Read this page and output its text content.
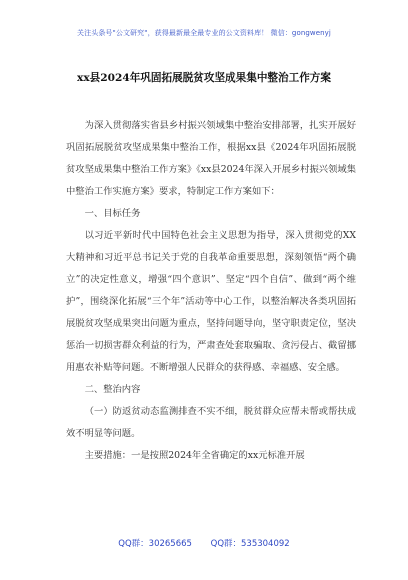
关注头条号"公文研究"，获得最新最全最专业的公文资料库！ 微信：gongwenyj
xx县2024年巩固拓展脱贫攻坚成果集中整治工作方案

为深入贯彻落实省县乡村振兴领域集中整治安排部署，扎实开展好巩固拓展脱贫攻坚成果集中整治工作，根据xx县《2024年巩固拓展脱贫攻坚成果集中整治工作方案》《xx县2024年深入开展乡村振兴领域集中整治工作实施方案》要求，特制定工作方案如下：

一、目标任务

以习近平新时代中国特色社会主义思想为指导，深入贯彻党的XX大精神和习近平总书记关于党的自我革命重要思想，深刻领悟“两个确立”的决定性意义，增强“四个意识”、坚定“四个自信”、做到“两个维护”，围绕深化拓展“三个年”活动等中心工作，以整治解决各类巩固拓展脱贫攻坚成果突出问题为重点，坚持问题导向，坚守职责定位，坚决惩治一切损害群众利益的行为，严肃查处套取骗取、贪污侵占、截留挪用惠农补贴等问题。不断增强人民群众的获得感、幸福感、安全感。

二、整治内容

（一）防返贫动态监测排查不实不细，脱贫群众应帮未帮或帮扶成效不明显等问题。

主要措施：一是按照2024年全省确定的xx元标准开展

QQ群：30265665 QQ群：535304092
